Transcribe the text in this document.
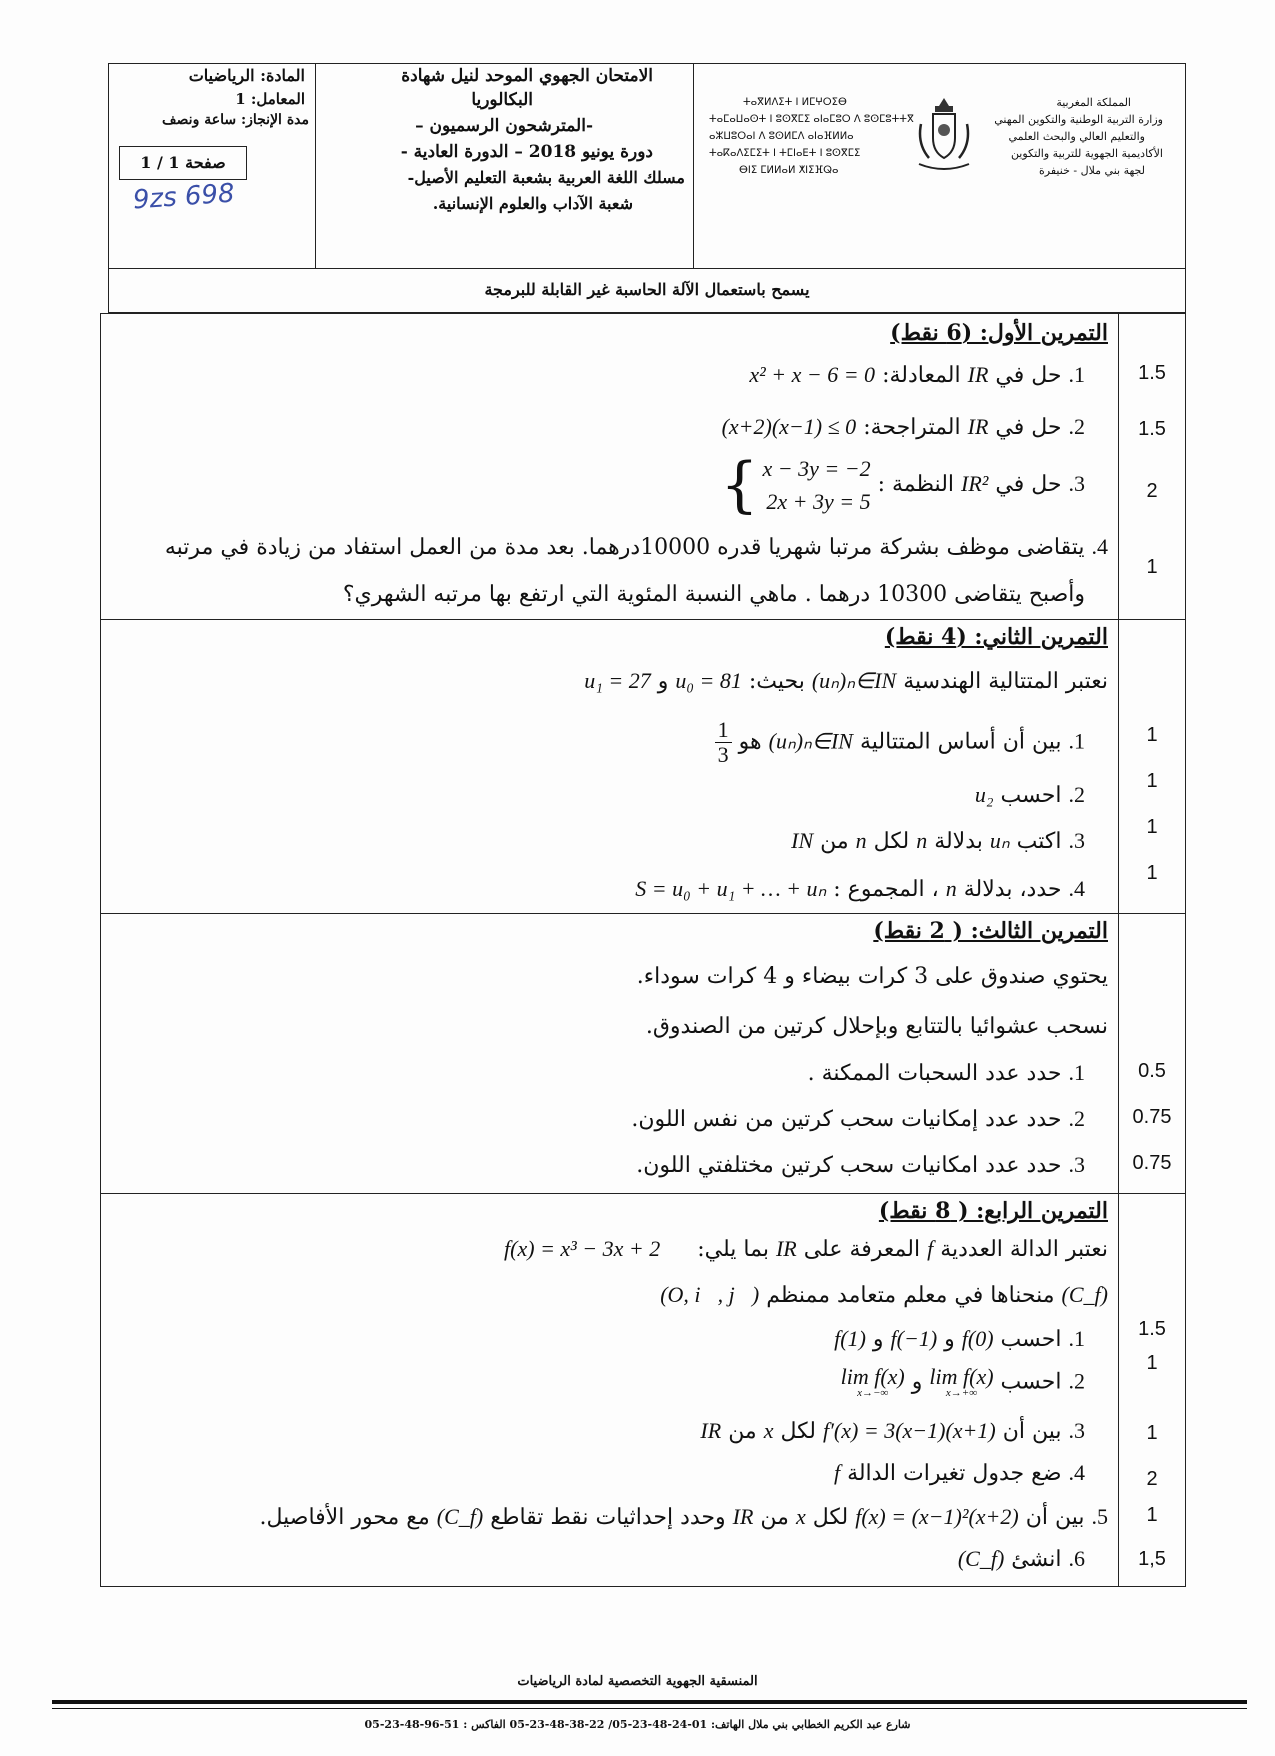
المادة: الرياضيات
المعامل: 1
مدة الإنجاز: ساعة ونصف
صفحة 1 / 1
9zs 698
الامتحان الجهوي الموحد لنيل شهادة
البكالوريا
-المترشحون الرسميون –
دورة يونيو 2018 – الدورة العادية -
مسلك اللغة العربية بشعبة التعليم الأصيل-
شعبة الآداب والعلوم الإنسانية.
المملكة المغربية
وزارة التربية الوطنية والتكوين المهني
والتعليم العالي والبحث العلمي
الأكاديمية الجهوية للتربية والتكوين
لجهة بني ملال - خنيفرة
ⵜⴰⴳⵍⴷⵉⵜ ⵏ ⵍⵎⵖⵔⵉⴱ
ⵜⴰⵎⴰⵡⴰⵙⵜ ⵏ ⵓⵙⴳⵎⵉ ⴰⵏⴰⵎⵓⵔ ⴷ ⵓⵙⵎⵓⵜⵜⴳ
ⴰⵣⵡⵓⵔⴰⵏ ⴷ ⵓⵙⵍⵎⴷ ⴰⵏⴰⴼⵍⵍⴰ
ⵜⴰⴽⴰⴷⵉⵎⵉⵜ ⵏ ⵜⵎⵏⴰⴹⵜ ⵏ ⵓⵙⴳⵎⵉ
ⴱⵏⵉ ⵎⵍⵍⴰⵍ ⵅⵏⵉⴼⵕⴰ
يسمح باستعمال الآلة الحاسبة غير القابلة للبرمجة
التمرين الأول: (6 نقط)
1. حل في IR المعادلة: x² + x − 6 = 0	1.5
2. حل في IR المتراجحة: (x+2)(x−1) ≤ 0	1.5
3. حل في IR² النظمة :
{ x − 3y = −2
2x + 3y = 5	2
4. يتقاضى موظف بشركة مرتبا شهريا قدره 10000درهما. بعد مدة من العمل استفاد من زيادة في مرتبه
وأصبح يتقاضى 10300 درهما . ماهي النسبة المئوية التي ارتفع بها مرتبه الشهري؟
1
التمرين الثاني: (4 نقط)
نعتبر المتتالية الهندسية (uₙ)ₙ∈IN بحيث: u₀ = 81 و u₁ = 27
1. بين أن أساس المتتالية (uₙ)ₙ∈IN هو
$\frac{1}{3}$	1
2. احسب u₂
1
3. اكتب uₙ بدلالة n لكل n من IN
1
4. حدد، بدلالة n ، المجموع : S = u₀ + u₁ + … + uₙ
1
التمرين الثالث: ( 2 نقط)
يحتوي صندوق على 3 كرات بيضاء و 4 كرات سوداء.
نسحب عشوائيا بالتتابع وبإحلال كرتين من الصندوق.
1. حدد عدد السحبات الممكنة .	0.5
2. حدد عدد إمكانيات سحب كرتين من نفس اللون.	0.75
3. حدد عدد امكانيات سحب كرتين مختلفتي اللون.	0.75
التمرين الرابع: ( 8 نقط)
نعتبر الدالة العددية f المعرفة على IR بما يلي: f(x) = x³ − 3x + 2
(C_f) منحناها في معلم متعامد ممنظم (O, i⃗, j⃗)
1. احسب f(0) و f(−1) و f(1)	1.5
2. احسب
lim f(x)
x→+∞
و
lim f(x)
x→−∞
1
3. بين أن f′(x) = 3(x−1)(x+1) لكل x من IR	1
4. ضع جدول تغيرات الدالة f	2
5. بين أن f(x) = (x−1)²(x+2) لكل x من IR وحدد إحداثيات نقط تقاطع (C_f) مع محور الأفاصيل.	1
6. انشئ (C_f)	1,5
المنسقية الجهوية التخصصية لمادة الرياضيات
شارع عبد الكريم الخطابي بني ملال الهاتف: 01-24-48-23-05/ 22-38-48-23-05 الفاكس : 51-96-48-23-05
